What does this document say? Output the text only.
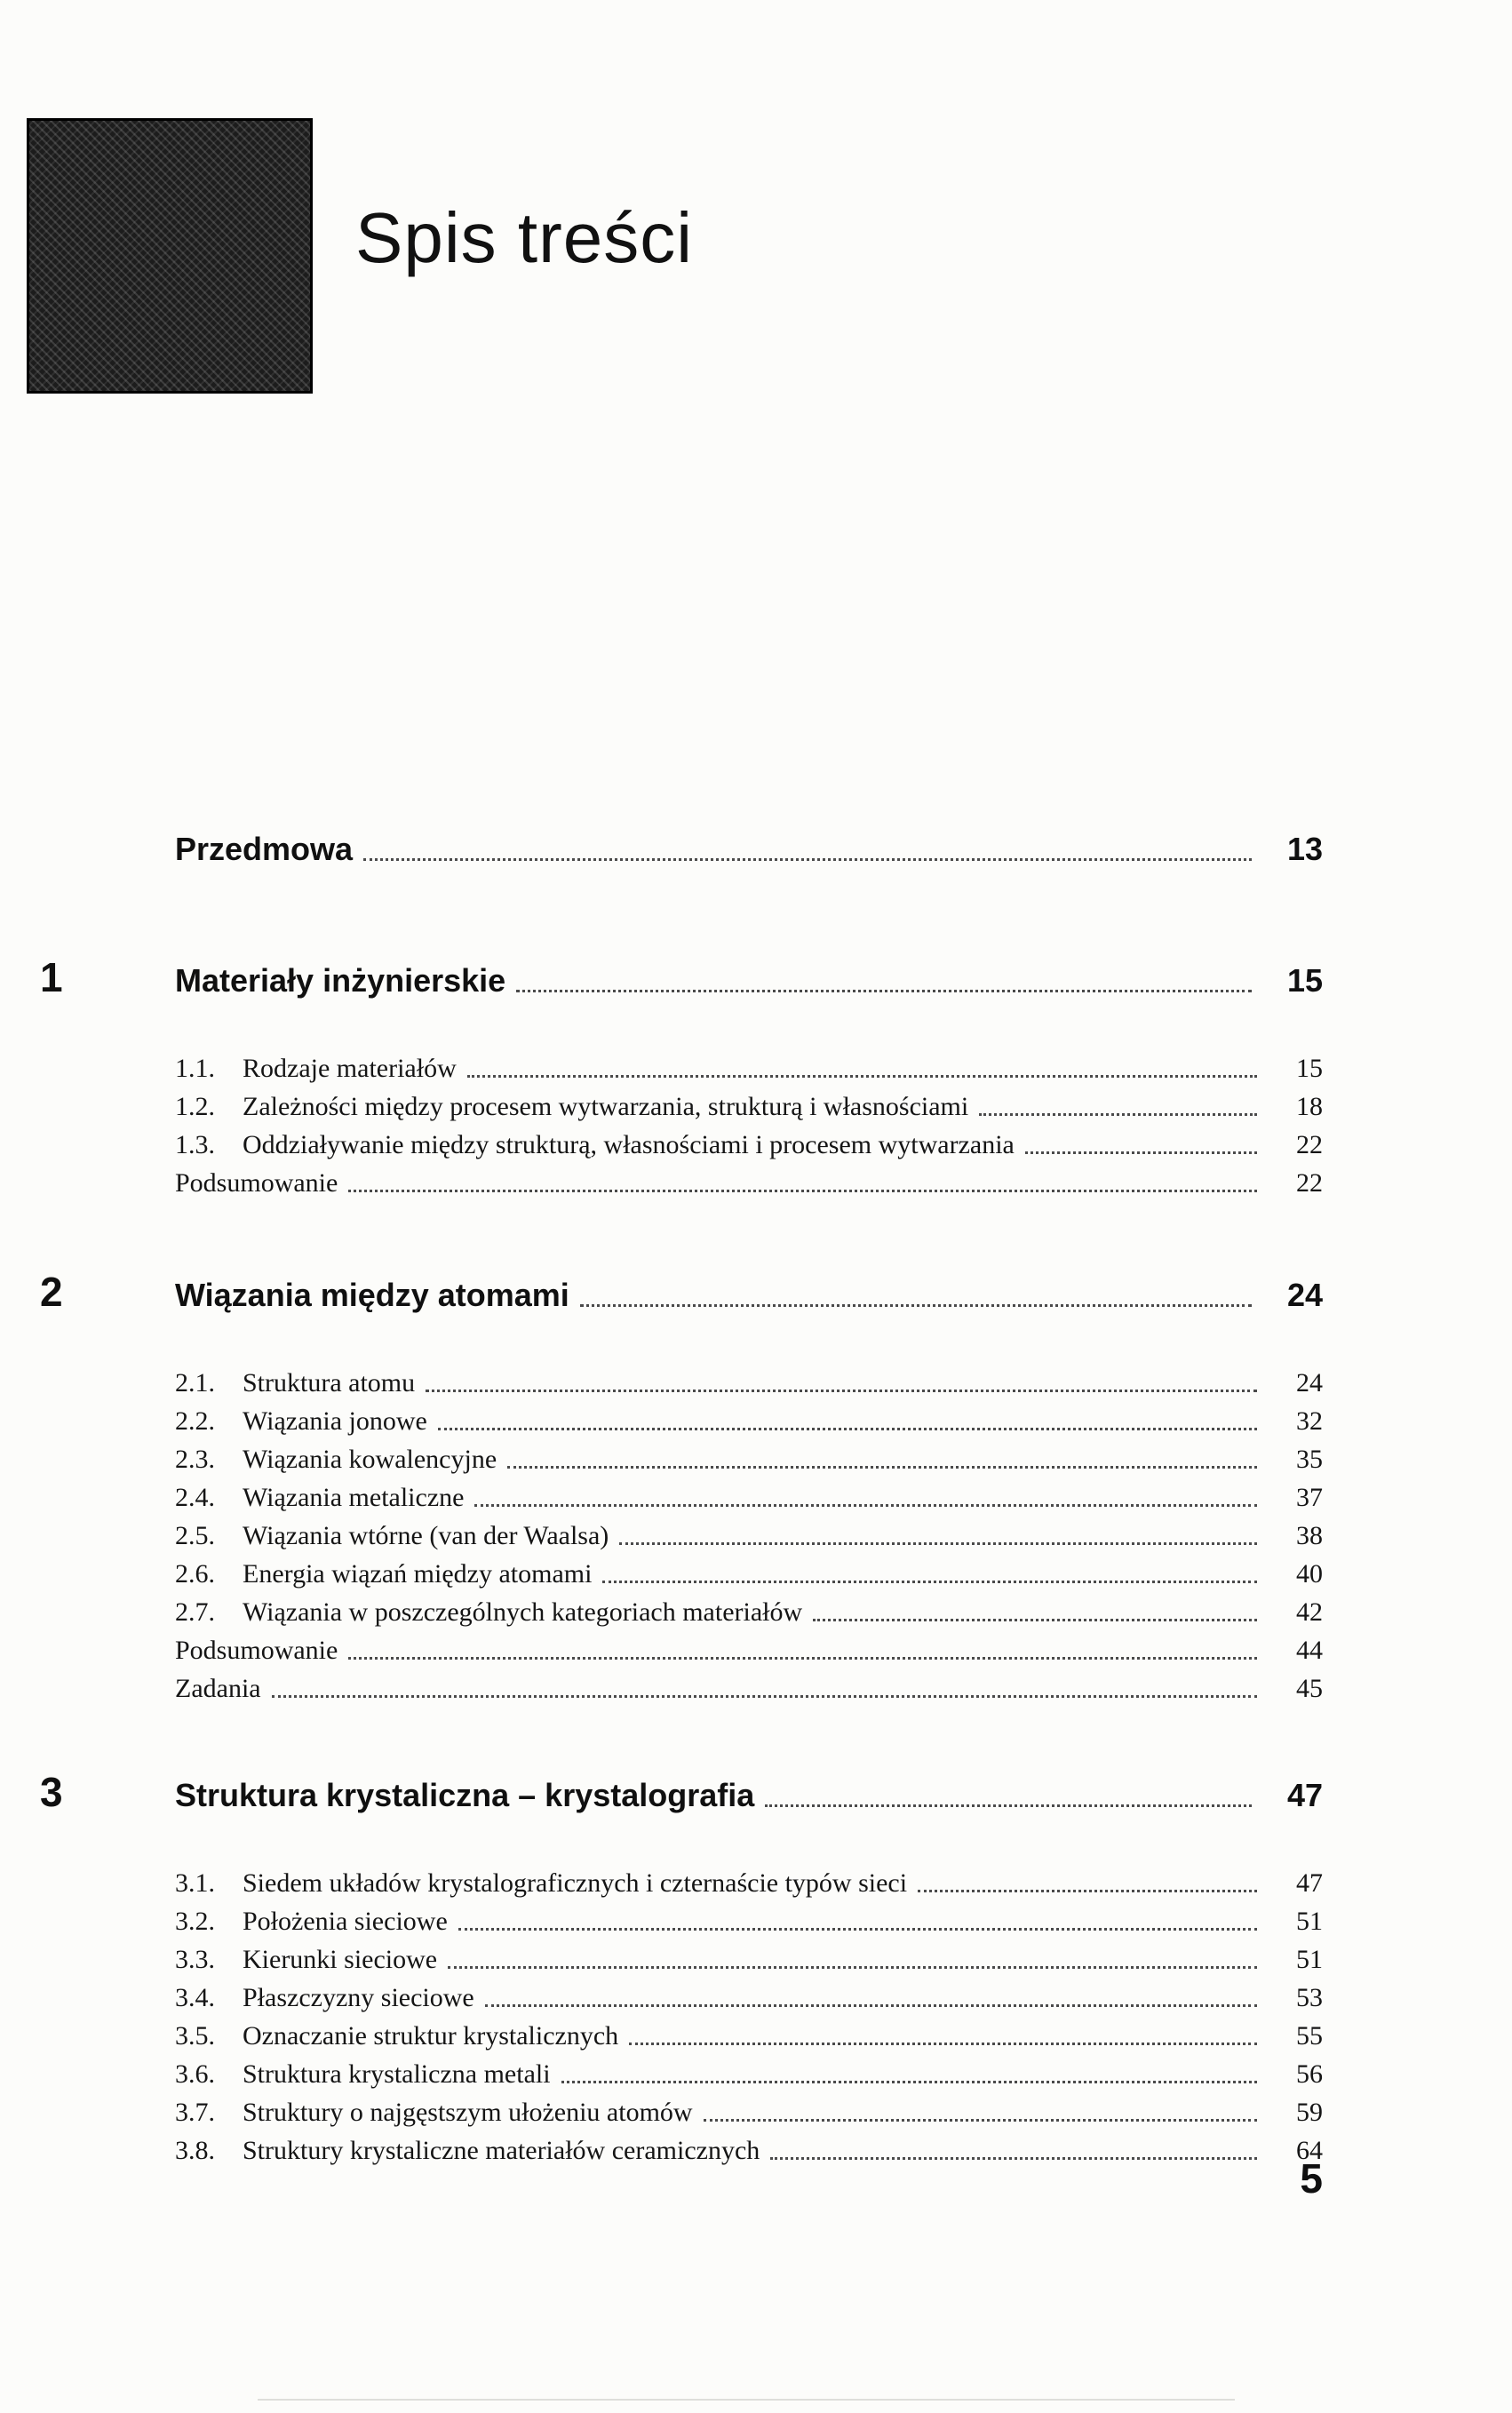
Spis treści
Przedmowa	13
1	Materiały inżynierskie	15
1.1.	Rodzaje materiałów	15
1.2.	Zależności między procesem wytwarzania, strukturą i własnościami	18
1.3.	Oddziaływanie między strukturą, własnościami i procesem wytwarzania	22
Podsumowanie	22
2	Wiązania między atomami	24
2.1.	Struktura atomu	24
2.2.	Wiązania jonowe	32
2.3.	Wiązania kowalencyjne	35
2.4.	Wiązania metaliczne	37
2.5.	Wiązania wtórne (van der Waalsa)	38
2.6.	Energia wiązań między atomami	40
2.7.	Wiązania w poszczególnych kategoriach materiałów	42
Podsumowanie	44
Zadania	45
3	Struktura krystaliczna – krystalografia	47
3.1.	Siedem układów krystalograficznych i czternaście typów sieci	47
3.2.	Położenia sieciowe	51
3.3.	Kierunki sieciowe	51
3.4.	Płaszczyzny sieciowe	53
3.5.	Oznaczanie struktur krystalicznych	55
3.6.	Struktura krystaliczna metali	56
3.7.	Struktury o najgęstszym ułożeniu atomów	59
3.8.	Struktury krystaliczne materiałów ceramicznych	64
5
